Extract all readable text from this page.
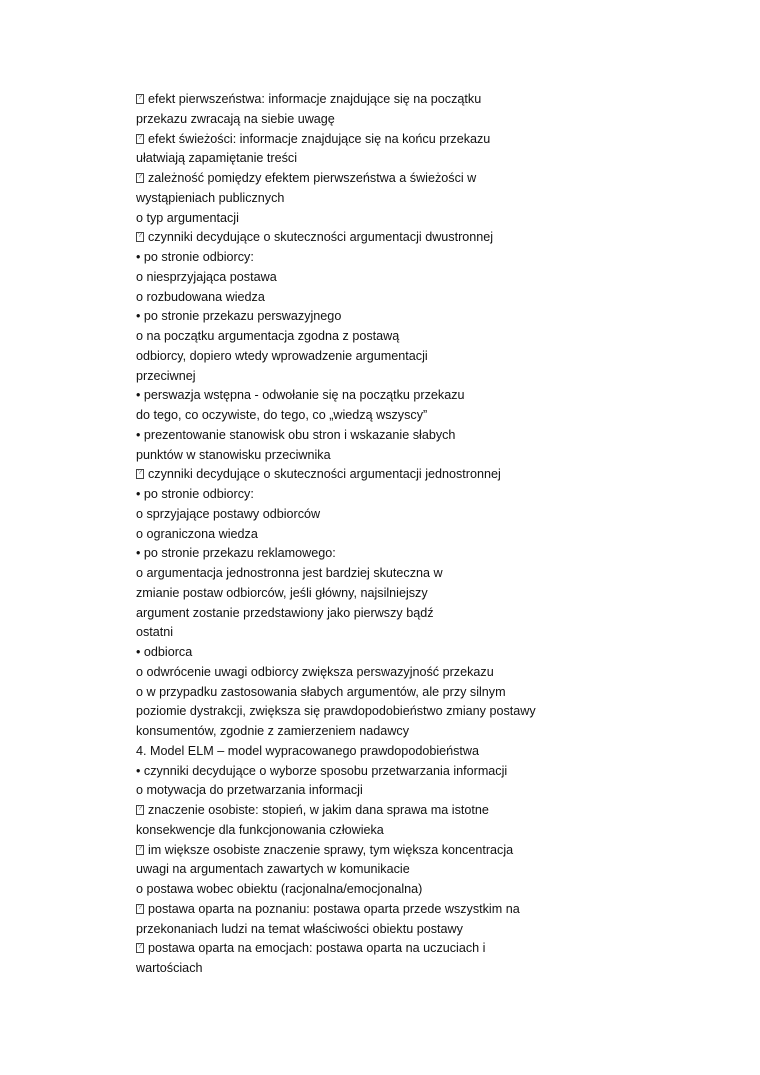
?efekt pierwszeństwa: informacje znajdujące się na początku
przekazu zwracają na siebie uwagę
?efekt świeżości: informacje znajdujące się na końcu przekazu
ułatwiają zapamiętanie treści
?zależność pomiędzy efektem pierwszeństwa a świeżości w
wystąpieniach publicznych
o typ argumentacji
?czynniki decydujące o skuteczności argumentacji dwustronnej
• po stronie odbiorcy:
o niesprzyjająca postawa
o rozbudowana wiedza
• po stronie przekazu perswazyjnego
o na początku argumentacja zgodna z postawą
odbiorcy, dopiero wtedy wprowadzenie argumentacji
przeciwnej
• perswazja wstępna - odwołanie się na początku przekazu
do tego, co oczywiste, do tego, co „wiedzą wszyscy”
• prezentowanie stanowisk obu stron i wskazanie słabych
punktów w stanowisku przeciwnika
?czynniki decydujące o skuteczności argumentacji jednostronnej
• po stronie odbiorcy:
o sprzyjające postawy odbiorców
o ograniczona wiedza
• po stronie przekazu reklamowego:
o argumentacja jednostronna jest bardziej skuteczna w
zmianie postaw odbiorców, jeśli główny, najsilniejszy
argument zostanie przedstawiony jako pierwszy bądź
ostatni
• odbiorca
o odwrócenie uwagi odbiorcy zwiększa perswazyjność przekazu
o w przypadku zastosowania słabych argumentów, ale przy silnym
poziomie dystrakcji, zwiększa się prawdopodobieństwo zmiany postawy
konsumentów, zgodnie z zamierzeniem nadawcy
4. Model ELM – model wypracowanego prawdopodobieństwa
• czynniki decydujące o wyborze sposobu przetwarzania informacji
o motywacja do przetwarzania informacji
?znaczenie osobiste: stopień, w jakim dana sprawa ma istotne
konsekwencje dla funkcjonowania człowieka
?im większe osobiste znaczenie sprawy, tym większa koncentracja
uwagi na argumentach zawartych w komunikacie
o postawa wobec obiektu (racjonalna/emocjonalna)
?postawa oparta na poznaniu: postawa oparta przede wszystkim na
przekonaniach ludzi na temat właściwości obiektu postawy
?postawa oparta na emocjach: postawa oparta na uczuciach i
wartościach
